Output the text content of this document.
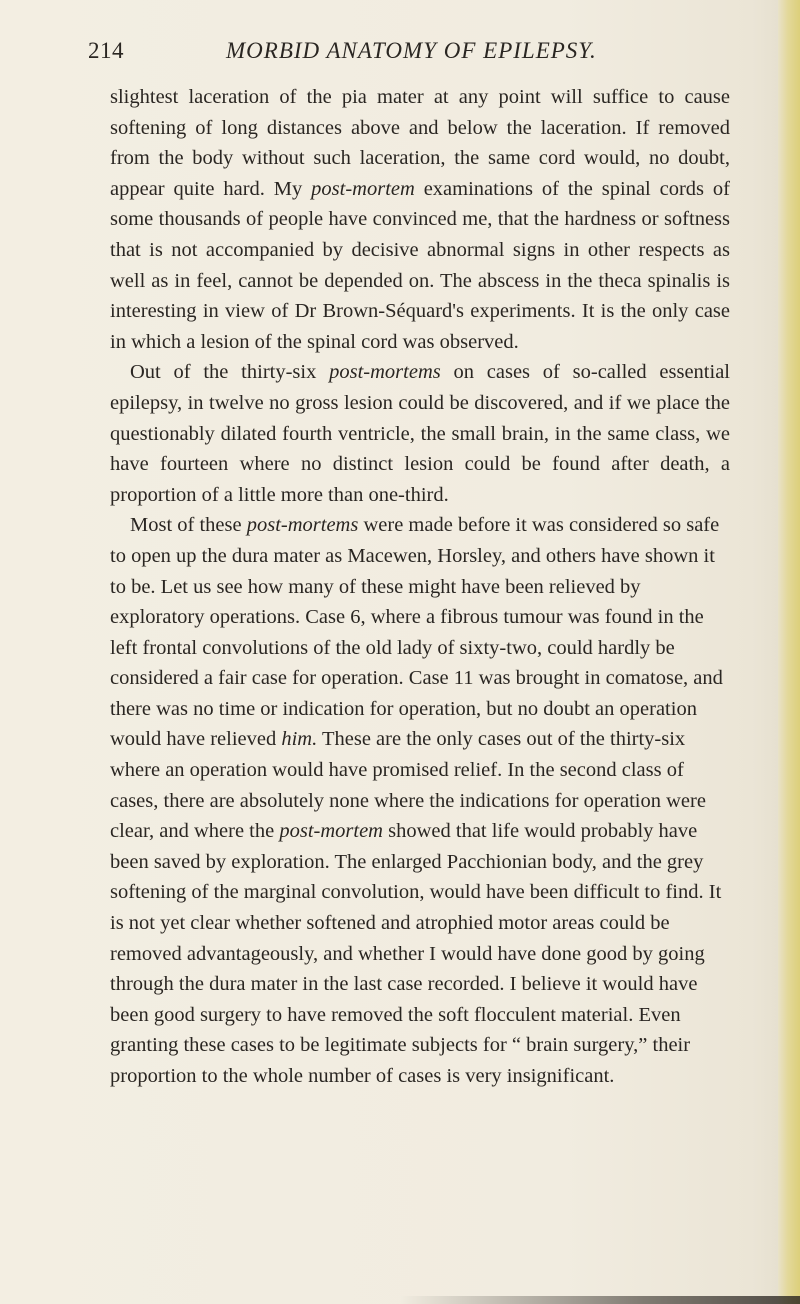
214	MORBID ANATOMY OF EPILEPSY.

slightest laceration of the pia mater at any point will suffice to cause softening of long distances above and below the laceration. If removed from the body without such laceration, the same cord would, no doubt, appear quite hard. My post-mortem examinations of the spinal cords of some thousands of people have convinced me, that the hardness or softness that is not accompanied by decisive abnormal signs in other respects as well as in feel, cannot be depended on. The abscess in the theca spinalis is interesting in view of Dr Brown-Séquard's experiments. It is the only case in which a lesion of the spinal cord was observed.

Out of the thirty-six post-mortems on cases of so-called essential epilepsy, in twelve no gross lesion could be discovered, and if we place the questionably dilated fourth ventricle, the small brain, in the same class, we have fourteen where no distinct lesion could be found after death, a proportion of a little more than one-third.

Most of these post-mortems were made before it was considered so safe to open up the dura mater as Macewen, Horsley, and others have shown it to be. Let us see how many of these might have been relieved by exploratory operations. Case 6, where a fibrous tumour was found in the left frontal convolutions of the old lady of sixty-two, could hardly be considered a fair case for operation. Case 11 was brought in comatose, and there was no time or indication for operation, but no doubt an operation would have relieved him. These are the only cases out of the thirty-six where an operation would have promised relief. In the second class of cases, there are absolutely none where the indications for operation were clear, and where the post-mortem showed that life would probably have been saved by exploration. The enlarged Pacchionian body, and the grey softening of the marginal convolution, would have been difficult to find. It is not yet clear whether softened and atrophied motor areas could be removed advantageously, and whether I would have done good by going through the dura mater in the last case recorded. I believe it would have been good surgery to have removed the soft flocculent material. Even granting these cases to be legitimate subjects for “ brain surgery,” their proportion to the whole number of cases is very insignificant.
